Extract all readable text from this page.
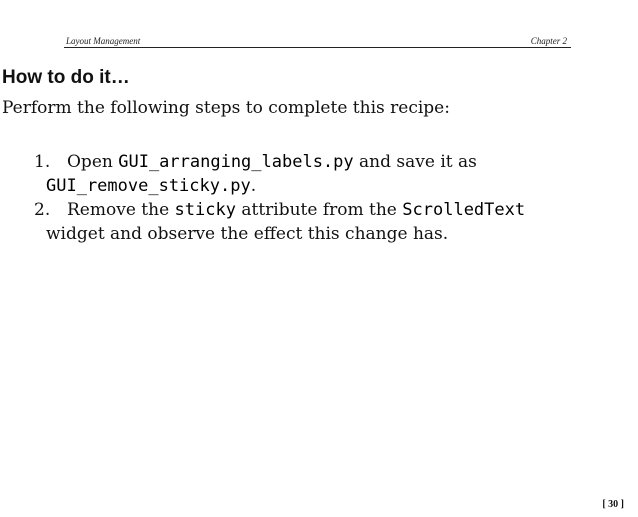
Layout Management	Chapter 2
How to do it…

Perform the following steps to complete this recipe:

1. Open GUI_arranging_labels.py and save it as
GUI_remove_sticky.py.
2. Remove the sticky attribute from the ScrolledText
widget and observe the effect this change has.
[ 30 ]
